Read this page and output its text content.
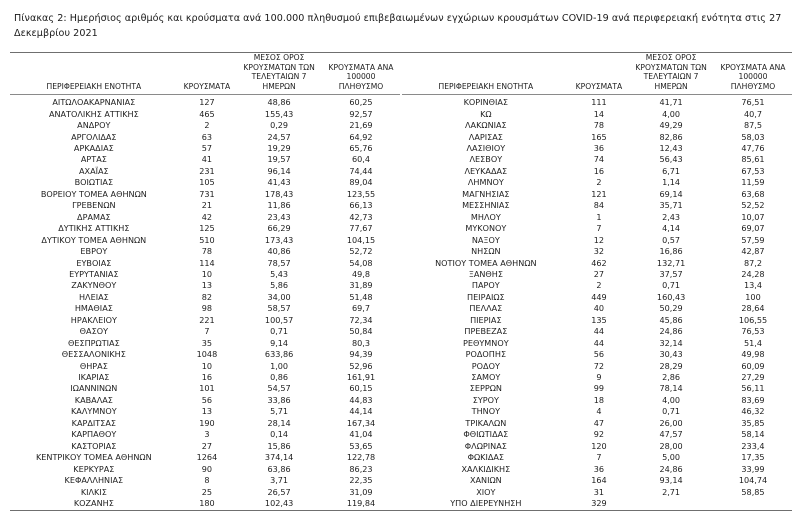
Πίνακας 2: Ημερήσιος αριθμός και κρούσματα ανά 100.000 πληθυσμού επιβεβαιωμένων εγχώριων κρουσμάτων COVID-19 ανά περιφερειακή ενότητα στις 27 Δεκεμβρίου 2021
ΠΕΡΙΦΕΡΕΙΑΚΗ ΕΝΟΤΗΤΑ	ΚΡΟΥΣΜΑΤΑ	ΜΕΣΟΣ ΟΡΟΣ ΚΡΟΥΣΜΑΤΩΝ ΤΩΝ ΤΕΛΕΥΤΑΙΩΝ 7 ΗΜΕΡΩΝ	ΚΡΟΥΣΜΑΤΑ ΑΝΑ 100000 ΠΛΗΘΥΣΜΟ
ΑΙΤΩΛΟΑΚΑΡΝΑΝΙΑΣ	127	48,86	60,25
ΑΝΑΤΟΛΙΚΗΣ ΑΤΤΙΚΗΣ	465	155,43	92,57
ΑΝΔΡΟΥ	2	0,29	21,69
ΑΡΓΟΛΙΔΑΣ	63	24,57	64,92
ΑΡΚΑΔΙΑΣ	57	19,29	65,76
ΑΡΤΑΣ	41	19,57	60,4
ΑΧΑΪΑΣ	231	96,14	74,44
ΒΟΙΩΤΙΑΣ	105	41,43	89,04
ΒΟΡΕΙΟΥ ΤΟΜΕΑ ΑΘΗΝΩΝ	731	178,43	123,55
ΓΡΕΒΕΝΩΝ	21	11,86	66,13
ΔΡΑΜΑΣ	42	23,43	42,73
ΔΥΤΙΚΗΣ ΑΤΤΙΚΗΣ	125	66,29	77,67
ΔΥΤΙΚΟΥ ΤΟΜΕΑ ΑΘΗΝΩΝ	510	173,43	104,15
ΕΒΡΟΥ	78	40,86	52,72
ΕΥΒΟΙΑΣ	114	78,57	54,08
ΕΥΡΥΤΑΝΙΑΣ	10	5,43	49,8
ΖΑΚΥΝΘΟΥ	13	5,86	31,89
ΗΛΕΙΑΣ	82	34,00	51,48
ΗΜΑΘΙΑΣ	98	58,57	69,7
ΗΡΑΚΛΕΙΟΥ	221	100,57	72,34
ΘΑΣΟΥ	7	0,71	50,84
ΘΕΣΠΡΩΤΙΑΣ	35	9,14	80,3
ΘΕΣΣΑΛΟΝΙΚΗΣ	1048	633,86	94,39
ΘΗΡΑΣ	10	1,00	52,96
ΙΚΑΡΙΑΣ	16	0,86	161,91
ΙΩΑΝΝΙΝΩΝ	101	54,57	60,15
ΚΑΒΑΛΑΣ	56	33,86	44,83
ΚΑΛΥΜΝΟΥ	13	5,71	44,14
ΚΑΡΔΙΤΣΑΣ	190	28,14	167,34
ΚΑΡΠΑΘΟΥ	3	0,14	41,04
ΚΑΣΤΟΡΙΑΣ	27	15,86	53,65
ΚΕΝΤΡΙΚΟΥ ΤΟΜΕΑ ΑΘΗΝΩΝ	1264	374,14	122,78
ΚΕΡΚΥΡΑΣ	90	63,86	86,23
ΚΕΦΑΛΛΗΝΙΑΣ	8	3,71	22,35
ΚΙΛΚΙΣ	25	26,57	31,09
ΚΟΖΑΝΗΣ	180	102,43	119,84
ΠΕΡΙΦΕΡΕΙΑΚΗ ΕΝΟΤΗΤΑ	ΚΡΟΥΣΜΑΤΑ	ΜΕΣΟΣ ΟΡΟΣ ΚΡΟΥΣΜΑΤΩΝ ΤΩΝ ΤΕΛΕΥΤΑΙΩΝ 7 ΗΜΕΡΩΝ	ΚΡΟΥΣΜΑΤΑ ΑΝΑ 100000 ΠΛΗΘΥΣΜΟ
ΚΟΡΙΝΘΙΑΣ	111	41,71	76,51
ΚΩ	14	4,00	40,7
ΛΑΚΩΝΙΑΣ	78	49,29	87,5
ΛΑΡΙΣΑΣ	165	82,86	58,03
ΛΑΣΙΘΙΟΥ	36	12,43	47,76
ΛΕΣΒΟΥ	74	56,43	85,61
ΛΕΥΚΑΔΑΣ	16	6,71	67,53
ΛΗΜΝΟΥ	2	1,14	11,59
ΜΑΓΝΗΣΙΑΣ	121	69,14	63,68
ΜΕΣΣΗΝΙΑΣ	84	35,71	52,52
ΜΗΛΟΥ	1	2,43	10,07
ΜΥΚΟΝΟΥ	7	4,14	69,07
ΝΑΞΟΥ	12	0,57	57,59
ΝΗΣΩΝ	32	16,86	42,87
ΝΟΤΙΟΥ ΤΟΜΕΑ ΑΘΗΝΩΝ	462	132,71	87,2
ΞΑΝΘΗΣ	27	37,57	24,28
ΠΑΡΟΥ	2	0,71	13,4
ΠΕΙΡΑΙΩΣ	449	160,43	100
ΠΕΛΛΑΣ	40	50,29	28,64
ΠΙΕΡΙΑΣ	135	45,86	106,55
ΠΡΕΒΕΖΑΣ	44	24,86	76,53
ΡΕΘΥΜΝΟΥ	44	32,14	51,4
ΡΟΔΟΠΗΣ	56	30,43	49,98
ΡΟΔΟΥ	72	28,29	60,09
ΣΑΜΟΥ	9	2,86	27,29
ΣΕΡΡΩΝ	99	78,14	56,11
ΣΥΡΟΥ	18	4,00	83,69
ΤΗΝΟΥ	4	0,71	46,32
ΤΡΙΚΑΛΩΝ	47	26,00	35,85
ΦΘΙΩΤΙΔΑΣ	92	47,57	58,14
ΦΛΩΡΙΝΑΣ	120	28,00	233,4
ΦΩΚΙΔΑΣ	7	5,00	17,35
ΧΑΛΚΙΔΙΚΗΣ	36	24,86	33,99
ΧΑΝΙΩΝ	164	93,14	104,74
ΧΙΟΥ	31	2,71	58,85
ΥΠΟ ΔΙΕΡΕΥΝΗΣΗ	329		
